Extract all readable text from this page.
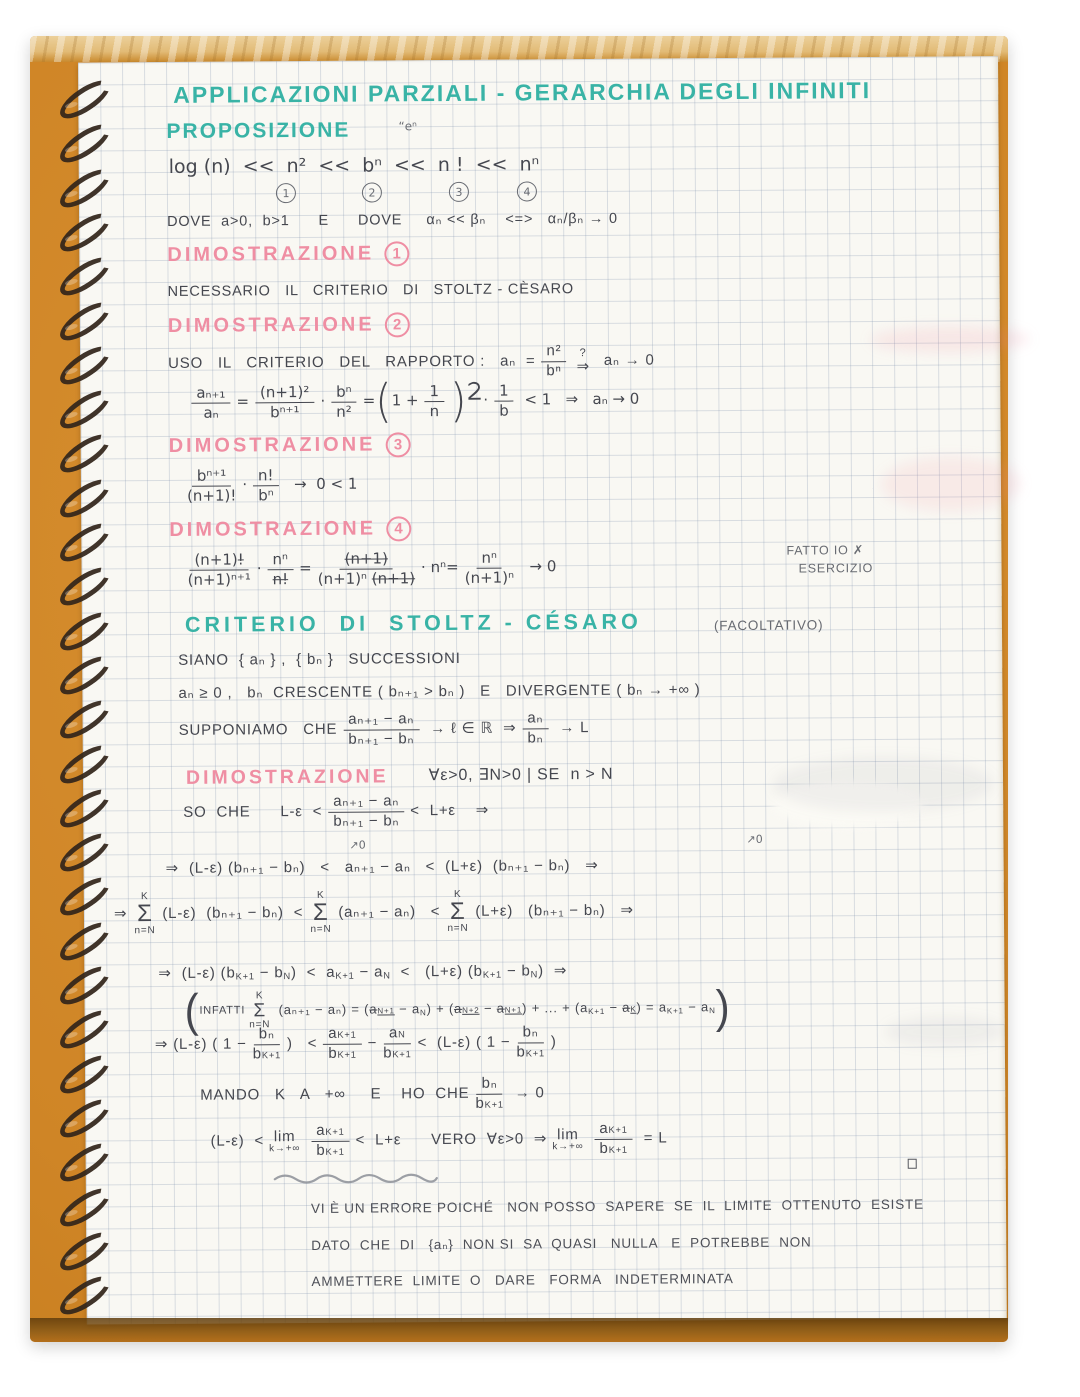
APPLICAZIONI PARZIALI - GERARCHIA DEGLI INFINITI
PROPOSIZIONE	“eⁿ
log (n)  <<  n²  <<  bⁿ  <<  n !  <<  nⁿ
1	2	3	4
DOVE  a>0,  b>1      E      DOVE     αₙ << βₙ    <=>   αₙ/βₙ → 0
DIMOSTRAZIONE	1
NECESSARIO   IL   CRITERIO   DI   STOLTZ - CÈSARO
DIMOSTRAZIONE	2
USO   IL   CRITERIO   DEL   RAPPORTO :   $a_n = \frac{\text{n²}}{\text{bⁿ}}$ ?
⇒ aₙ → 0
$\frac{\text{aₙ₊₁}}{\text{aₙ}} = \frac{\text{(n+1)²}}{\text{bⁿ⁺¹}} \cdot \frac{\text{bⁿ}}{\text{n²}}$ = ( $1 + \frac{1}{n} )^2 \cdot \frac{1}{b} < 1$   ⇒   aₙ → 0
DIMOSTRAZIONE	3
$\frac{\text{bⁿ⁺¹}}{(n+1)!} \cdot \frac{n!}{\text{bⁿ}} \to 0 < 1$
DIMOSTRAZIONE	4
$\frac{(n+1) !}{\text{(n+1)ⁿ⁺¹}} \cdot \frac{\text{nⁿ}}{n!} = \frac{(n+1)}{\text{(n+1)ⁿ (n+1)}} \cdot n^n = \frac{\text{nⁿ}}{\text{(n+1)ⁿ}} \to 0$
FATTO IO ✗
ESERCIZIO
CRITERIO  DI  STOLTZ - CÉSARO	(FACOLTATIVO)
SIANO  { aₙ } ,  { bₙ }   SUCCESSIONI
aₙ ≥ 0 ,   bₙ  CRESCENTE ( bₙ₊₁ > bₙ )   E   DIVERGENTE ( bₙ → +∞ )
SUPPONIAMO   CHE $\frac{\text{aₙ₊₁ − aₙ}}{\text{bₙ₊₁ − bₙ}}$ → ℓ ∈ ℝ  ⇒ $\frac{\text{aₙ}}{\text{bₙ}} \to L$
DIMOSTRAZIONE ∀ε>0, ∃N>0 | SE  n > N
SO  CHE      $L-\varepsilon < \frac{\text{aₙ₊₁ − aₙ}}{\text{bₙ₊₁ − bₙ}} < L+\varepsilon$    ⇒
↗0	↗0
⇒  (L-ε) (bₙ₊₁ − bₙ)   <   aₙ₊₁ − aₙ   <  (L+ε)  (bₙ₊₁ − bₙ)   ⇒
⇒
K
Σ
n=N
(L-ε)  (bₙ₊₁ − bₙ)  <
K
Σ
n=N
(aₙ₊₁ − aₙ)   <
K
Σ
n=N
(L+ε)   (bₙ₊₁ − bₙ)   ⇒
⇒  (L-ε) (b K+1 − b N )  <  a K+1 − a N <   (L+ε) (b K+1 − b N )  ⇒
( INFATTI
K
Σ
n=N
(aₙ₊₁ − aₙ) = ( aN+1 − a N ) + ( aN+2 − aN+1 ) + ... + (a K+1 − aK ) = a K+1 − a N )
⇒ (L-ε) ( $1 - \frac{\text{bₙ}}{\text{b K+1}}$ )   < $\frac{\text{a K+1}}{\text{b K+1}} - \frac{\text{a N}}{\text{b K+1}} < (L-\varepsilon)$ ( $1 - \frac{\text{bₙ}}{\text{b K+1}}$ )
MANDO   K   A   +∞     E    HO  CHE $\frac{\text{bₙ}}{\text{b K+1}} \to 0$
(L-ε)  < lim
$k\to+\infty \frac{\text{a K+1}}{\text{b K+1}} < L+\varepsilon$      VERO  ∀ε>0  ⇒ lim
$k\to+\infty \frac{\text{a K+1}}{\text{b K+1}} = L$
VI È UN ERRORE POICHÉ   NON POSSO  SAPERE  SE  IL  LIMITE  OTTENUTO  ESISTE
DATO  CHE  DI   {aₙ}  NON SI  SA  QUASI   NULLA   E  POTREBBE  NON
AMMETTERE  LIMITE  O   DARE   FORMA   INDETERMINATA
